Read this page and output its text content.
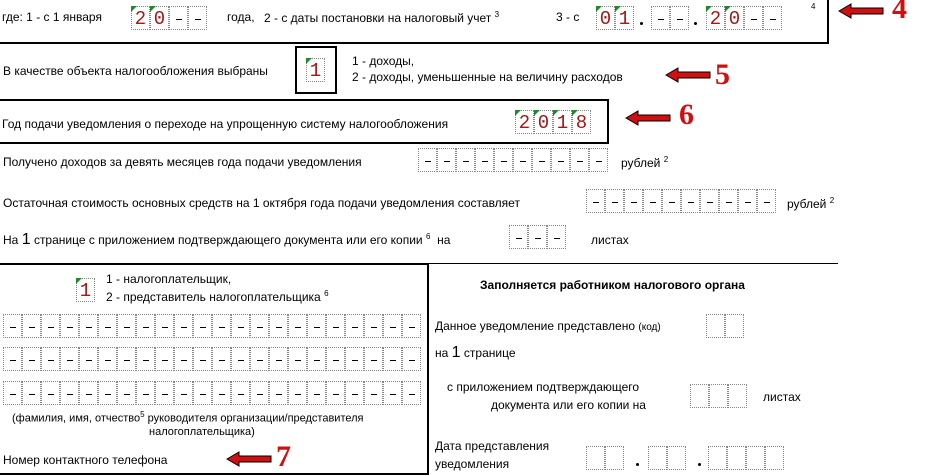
где: 1 - с 1 января 2 0	года, 2 - с даты постановки на налоговый учет $^3$	3 - с 0 1	2 0
4
В качестве объекта налогообложения выбраны 1	1 - доходы,
2 - доходы, уменьшенные на величину расходов
Год подачи уведомления о переходе на упрощенную систему налогообложения	2 0 1 8
Получено доходов за девять месяцев года подачи уведомления	рублей $^2$
Остаточная стоимость основных средств на 1 октября года подачи уведомления составляет	рублей $^2$
На 1 странице с приложением подтверждающего документа или его копии $^6$ на	листах
1
1 - налогоплательщик,
2 - представитель налогоплательщика $^6$
(фамилия, имя, отчество$^5$ руководителя организации/представителя
налогоплательщика)
Номер контактного телефона
Заполняется работником налогового органа
Данное уведомление представлено (код)
на 1 странице
с приложением подтверждающего
документа или его копии на
листах
Дата представления
уведомления
4
5
6
7
